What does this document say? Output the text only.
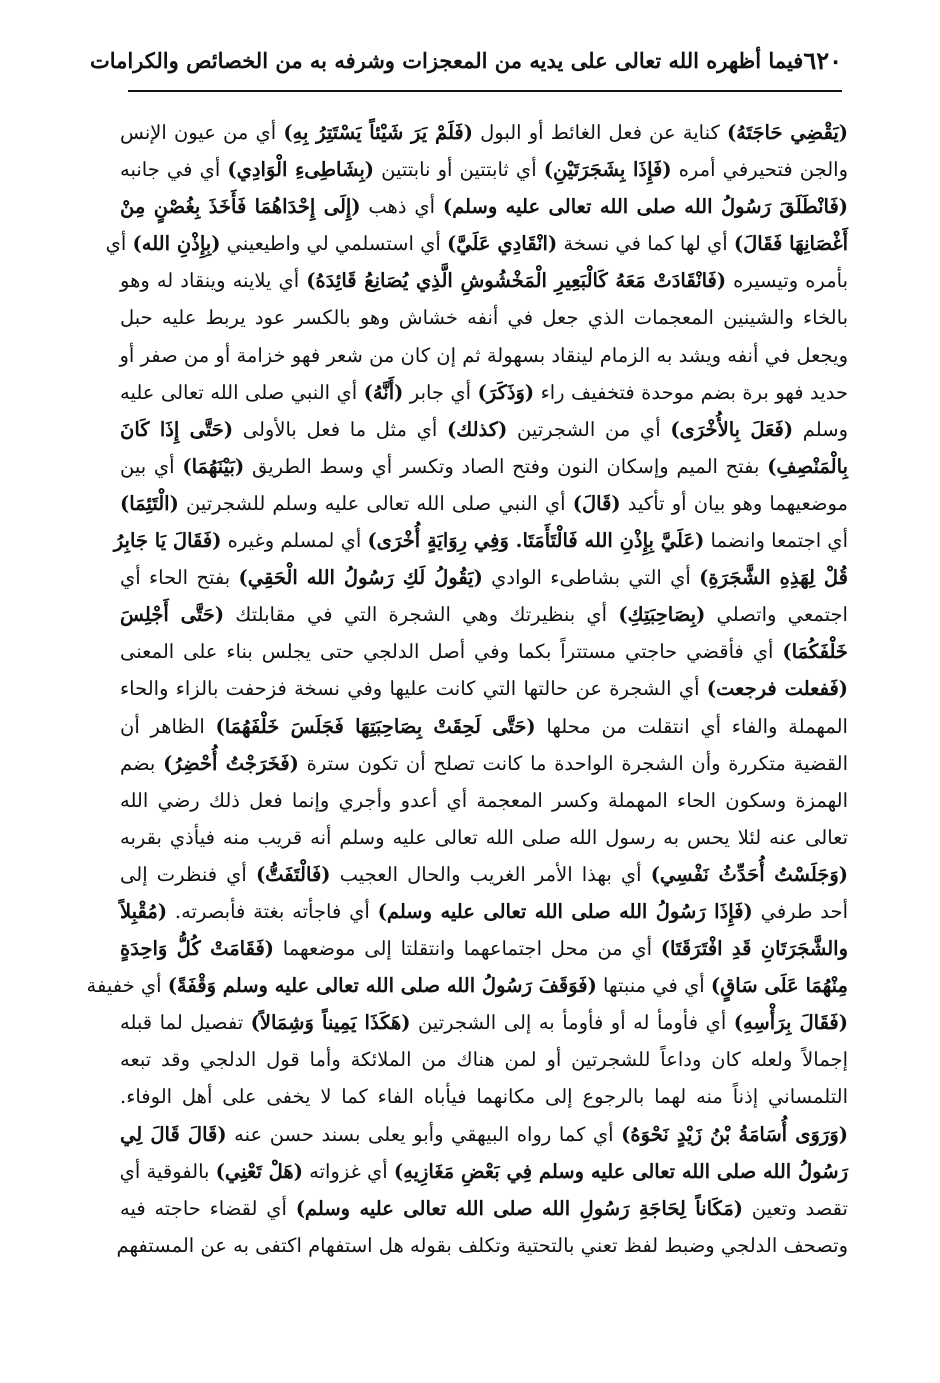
٦٢٠
فيما أظهره الله تعالى على يديه من المعجزات وشرفه به من الخصائص والكرامات
(يَقْضِي حَاجَتَهُ) كناية عن فعل الغائط أو البول (فَلَمْ يَرَ شَيْئاً يَسْتَتِرُ بِهِ) أي من عيون الإنس
والجن فتحيرفي أمره (فَإِذَا بِشَجَرَتَيْنِ) أي ثابتتين أو نابتتين (بِشَاطِىءِ الْوَادِي) أي في جانبه
(فَانْطَلَقَ رَسُولُ الله صلى الله تعالى عليه وسلم) أي ذهب (إِلَى إِحْدَاهُمَا فَأَخَذَ بِغُصْنٍ مِنْ
أَغْصَانِهَا فَقَالَ) أي لها كما في نسخة (انْقَادِي عَلَيَّ) أي استسلمي لي واطيعيني (بِإِذْنِ الله) أي
بأمره وتيسيره (فَانْقَادَتْ مَعَهُ كَالْبَعِيرِ الْمَخْشُوشِ الَّذِي يُصَانِعُ قَائِدَهُ) أي يلاينه وينقاد له وهو
بالخاء والشينين المعجمات الذي جعل في أنفه خشاش وهو بالكسر عود يربط عليه حبل
ويجعل في أنفه ويشد به الزمام لينقاد بسهولة ثم إن كان من شعر فهو خزامة أو من صفر أو
حديد فهو برة بضم موحدة فتخفيف راء (وَذَكَرَ) أي جابر (أَنَّهُ) أي النبي صلى الله تعالى عليه
وسلم (فَعَلَ بِالأُخْرَى) أي من الشجرتين (كذلك) أي مثل ما فعل بالأولى (حَتَّى إِذَا كَانَ
بِالْمَنْصِفِ) بفتح الميم وإسكان النون وفتح الصاد وتكسر أي وسط الطريق (بَيْنَهُمَا) أي بين
موضعيهما وهو بيان أو تأكيد (قَالَ) أي النبي صلى الله تعالى عليه وسلم للشجرتين (الْتَئِمَا)
أي اجتمعا وانضما (عَلَيَّ بِإِذْنِ الله فَالْتَأَمَتَا. وَفِي رِوَايَةٍ أُخْرَى) أي لمسلم وغيره (فَقَالَ يَا جَابِرُ
قُلْ لِهَذِهِ الشَّجَرَةِ) أي التي بشاطىء الوادي (يَقُولُ لَكِ رَسُولُ الله الْحَقِي) بفتح الحاء أي
اجتمعي واتصلي (بِصَاحِبَتِكِ) أي بنظيرتك وهي الشجرة التي في مقابلتك (حَتَّى أَجْلِسَ
خَلْفَكُمَا) أي فأقضي حاجتي مستتراً بكما وفي أصل الدلجي حتى يجلس بناء على المعنى
(فَفعلت فرجعت) أي الشجرة عن حالتها التي كانت عليها وفي نسخة فزحفت بالزاء والحاء
المهملة والفاء أي انتقلت من محلها (حَتَّى لَحِقَتْ بِصَاحِبَتِهَا فَجَلَسَ خَلْفَهُمَا) الظاهر أن
القضية متكررة وأن الشجرة الواحدة ما كانت تصلح أن تكون سترة (فَخَرَجْتُ أُحْضِرُ) بضم
الهمزة وسكون الحاء المهملة وكسر المعجمة أي أعدو وأجري وإنما فعل ذلك رضي الله
تعالى عنه لئلا يحس به رسول الله صلى الله تعالى عليه وسلم أنه قريب منه فيأذي بقربه
(وَجَلَسْتُ أُحَدِّثُ نَفْسِي) أي بهذا الأمر الغريب والحال العجيب (فَالْتَفَتُّ) أي فنظرت إلى
أحد طرفي (فَإِذَا رَسُولُ الله صلى الله تعالى عليه وسلم) أي فاجأته بغتة فأبصرته. (مُقْبِلاً
والشَّجَرَتَانِ قَدِ افْتَرَقَتَا) أي من محل اجتماعهما وانتقلتا إلى موضعهما (فَقَامَتْ كُلُّ وَاحِدَةٍ
مِنْهُمَا عَلَى سَاقٍ) أي في منبتها (فَوَقَفَ رَسُولُ الله صلى الله تعالى عليه وسلم وَقْفَةً) أي خفيفة
(فَقَالَ بِرَأْسِهِ) أي فأومأ له أو فأومأ به إلى الشجرتين (هَكَذَا يَمِيناً وَشِمَالاً) تفصيل لما قبله
إجمالاً ولعله كان وداعاً للشجرتين أو لمن هناك من الملائكة وأما قول الدلجي وقد تبعه
التلمساني إذناً منه لهما بالرجوع إلى مكانهما فيأباه الفاء كما لا يخفى على أهل الوفاء.
(وَرَوَى أُسَامَةُ بْنُ زَيْدٍ نَحْوَهُ) أي كما رواه البيهقي وأبو يعلى بسند حسن عنه (قَالَ قَالَ لِي
رَسُولُ الله صلى الله تعالى عليه وسلم فِي بَعْضِ مَغَازِيهِ) أي غزواته (هَلْ تَعْنِي) بالفوقية أي
تقصد وتعين (مَكَاناً لِحَاجَةِ رَسُولِ الله صلى الله تعالى عليه وسلم) أي لقضاء حاجته فيه
وتصحف الدلجي وضبط لفظ تعني بالتحتية وتكلف بقوله هل استفهام اكتفى به عن المستفهم
